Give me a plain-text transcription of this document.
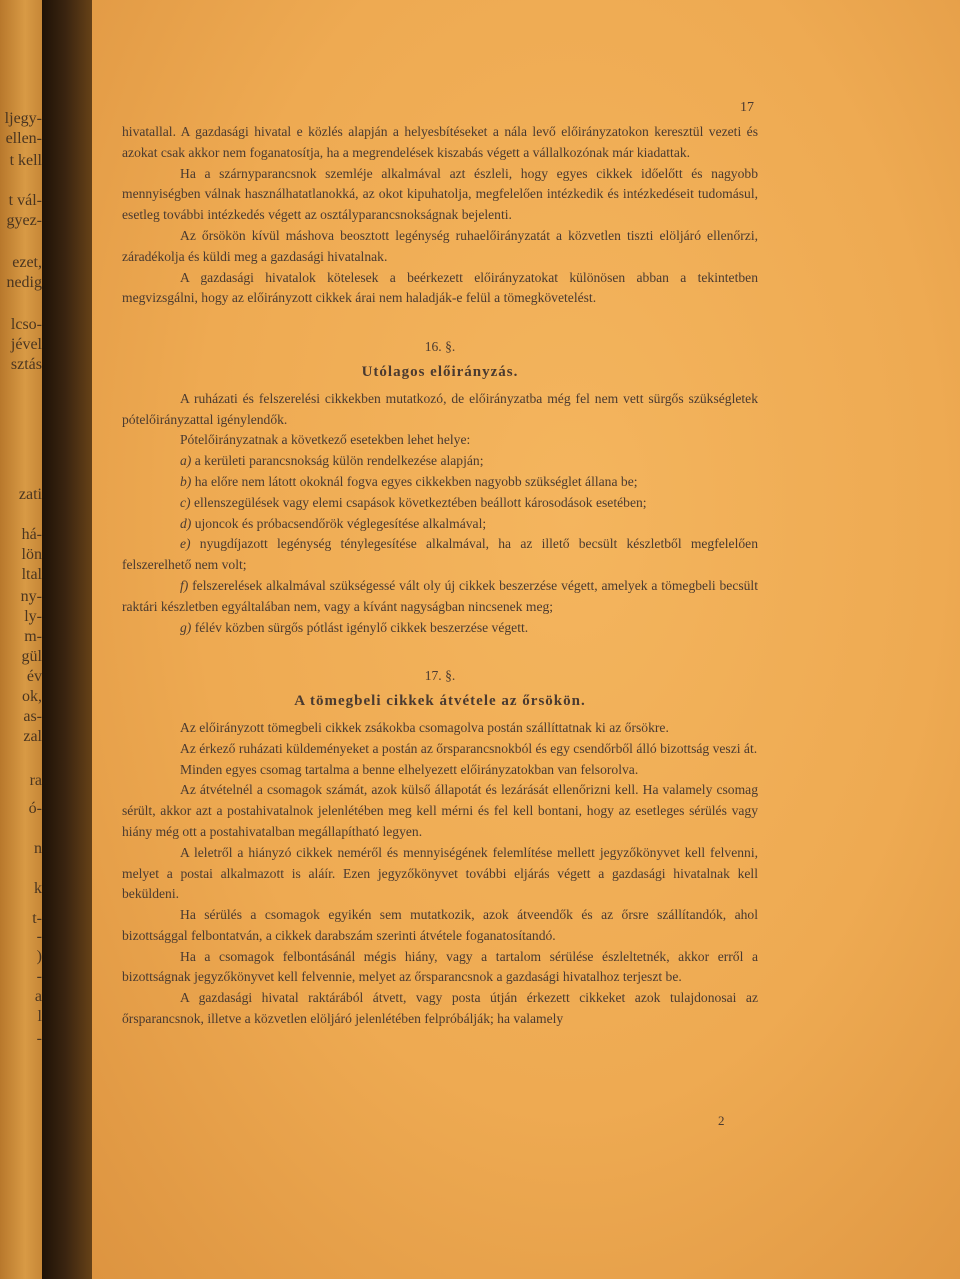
ljegy-
ellen-
t kell
t vál-
gyez-
ezet,
nedig
lcso-
jével
sztás
zati
há-
lön
ltal
ny-
ly-
m-
gül
év
ok,
as-
zal
ra
ó-
n
k
t-
-
)
-
a
l
-
17

hivatallal. A gazdasági hivatal e közlés alapján a helyesbítéseket a nála levő előirányzatokon keresztül vezeti és azokat csak akkor nem foganatosítja, ha a megrendelések kiszabás végett a vállalkozónak már kiadattak.

Ha a szárnyparancsnok szemléje alkalmával azt észleli, hogy egyes cikkek időelőtt és nagyobb mennyiségben válnak használhatatlanokká, az okot kipuhatolja, megfelelően intézkedik és intézkedéseit tudomásul, esetleg további intézkedés végett az osztályparancsnokságnak bejelenti.

Az őrsökön kívül máshova beosztott legénység ruhaelőirányzatát a közvetlen tiszti elöljáró ellenőrzi, záradékolja és küldi meg a gazdasági hivatalnak.

A gazdasági hivatalok kötelesek a beérkezett előirányzatokat különösen abban a tekintetben megvizsgálni, hogy az előirányzott cikkek árai nem haladják-e felül a tömegkövetelést.

16. §.
Utólagos előirányzás.

A ruházati és felszerelési cikkekben mutatkozó, de előirányzatba még fel nem vett sürgős szükségletek pótelőirányzattal igénylendők.

Pótelőirányzatnak a következő esetekben lehet helye:

a) a kerületi parancsnokság külön rendelkezése alapján;

b) ha előre nem látott okoknál fogva egyes cikkekben nagyobb szükséglet állana be;

c) ellenszegülések vagy elemi csapások következtében beállott károsodások esetében;

d) ujoncok és próbacsendőrök véglegesítése alkalmával;

e) nyugdíjazott legénység ténylegesítése alkalmával, ha az illető becsült készletből megfelelően felszerelhető nem volt;

f) felszerelések alkalmával szükségessé vált oly új cikkek beszerzése végett, amelyek a tömegbeli becsült raktári készletben egyáltalában nem, vagy a kívánt nagyságban nincsenek meg;

g) félév közben sürgős pótlást igénylő cikkek beszerzése végett.

17. §.
A tömegbeli cikkek átvétele az őrsökön.

Az előirányzott tömegbeli cikkek zsákokba csomagolva postán szállíttatnak ki az őrsökre.

Az érkező ruházati küldeményeket a postán az őrsparancsnokból és egy csendőrből álló bizottság veszi át.

Minden egyes csomag tartalma a benne elhelyezett előirányzatokban van felsorolva.

Az átvételnél a csomagok számát, azok külső állapotát és lezárását ellenőrizni kell. Ha valamely csomag sérült, akkor azt a postahivatalnok jelenlétében meg kell mérni és fel kell bontani, hogy az esetleges sérülés vagy hiány még ott a postahivatalban megállapítható legyen.

A leletről a hiányzó cikkek neméről és mennyiségének felemlítése mellett jegyzőkönyvet kell felvenni, melyet a postai alkalmazott is aláír. Ezen jegyzőkönyvet további eljárás végett a gazdasági hivatalnak kell beküldeni.

Ha sérülés a csomagok egyikén sem mutatkozik, azok átveendők és az őrsre szállítandók, ahol bizottsággal felbontatván, a cikkek darabszám szerinti átvétele foganatosítandó.

Ha a csomagok felbontásánál mégis hiány, vagy a tartalom sérülése észleltetnék, akkor erről a bizottságnak jegyzőkönyvet kell felvennie, melyet az őrsparancsnok a gazdasági hivatalhoz terjeszt be.

A gazdasági hivatal raktárából átvett, vagy posta útján érkezett cikkeket azok tulajdonosai az őrsparancsnok, illetve a közvetlen elöljáró jelenlétében felpróbálják; ha valamely

2
